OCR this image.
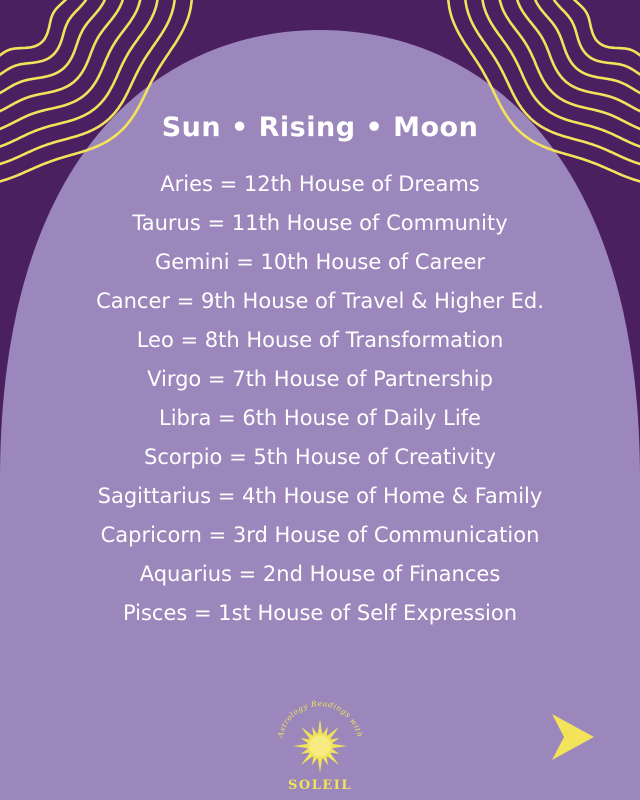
Sun • Rising • Moon
Aries = 12th House of Dreams
Taurus = 11th House of Community
Gemini = 10th House of Career
Cancer = 9th House of Travel & Higher Ed.
Leo = 8th House of Transformation
Virgo = 7th House of Partnership
Libra = 6th House of Daily Life
Scorpio = 5th House of Creativity
Sagittarius = 4th House of Home & Family
Capricorn = 3rd House of Communication
Aquarius = 2nd House of Finances
Pisces = 1st House of Self Expression
Astrology Readings with
SOLEIL
